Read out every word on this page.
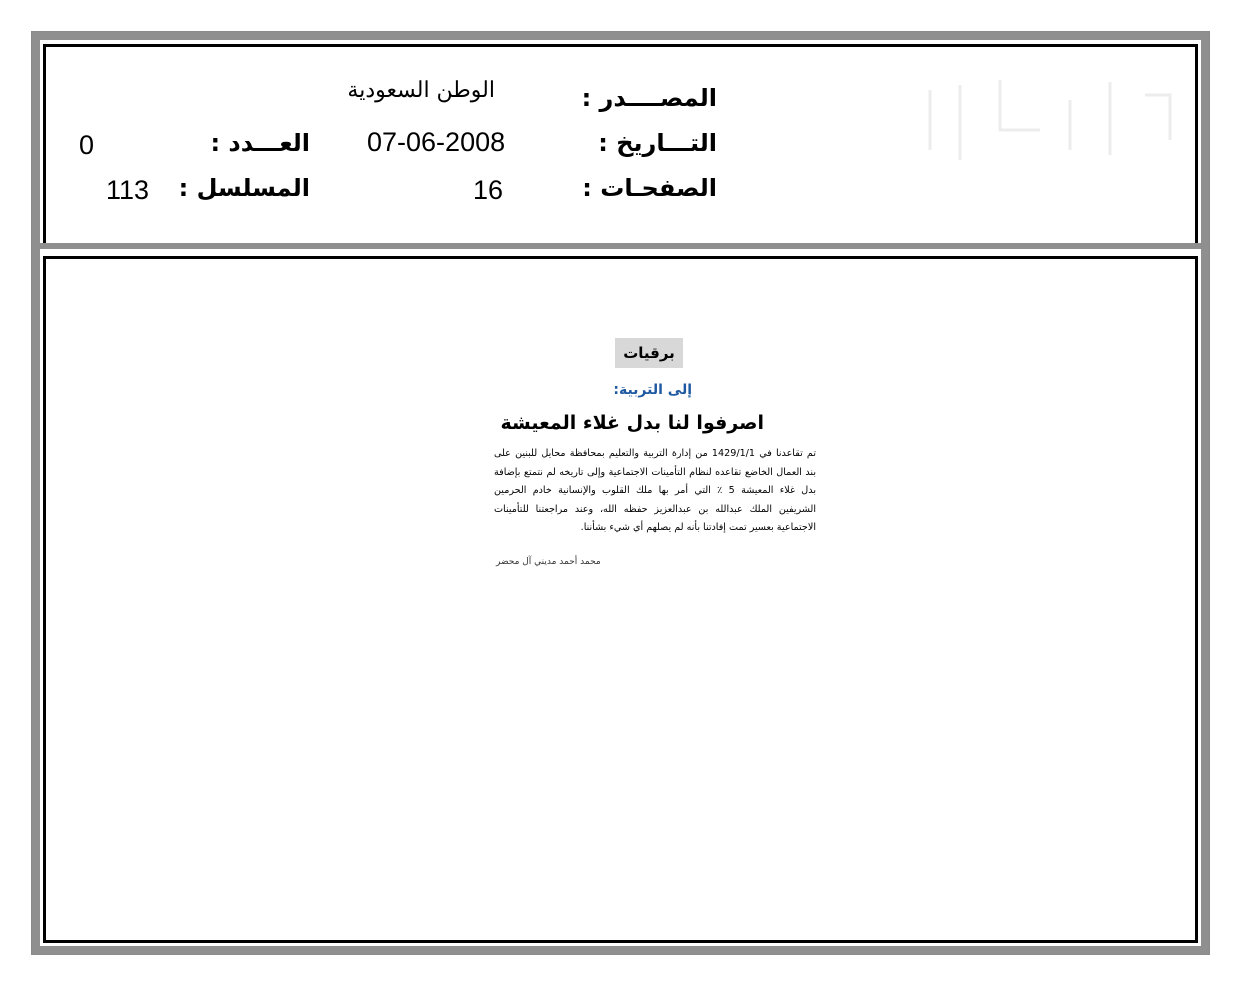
المصــــدر :
التـــاريخ :
الصفحـات :
الوطن السعودية
07-06-2008
16
العـــدد :
المسلسل :
0
113
برقيات
إلى التربية:
اصرفوا لنا بدل غلاء المعيشة

تم تقاعدنا في 1429/1/1 من إدارة التربية والتعليم بمحافظة محايل للبنين على بند العمال الخاضع تقاعده لنظام التأمينات الاجتماعية وإلى تاريخه لم نتمتع بإضافة بدل غلاء المعيشة 5 ٪ التي أمر بها ملك القلوب والإنسانية خادم الحرمين الشريفين الملك عبدالله بن عبدالعزيز حفظه الله، وعند مراجعتنا للتأمينات الاجتماعية بعسير تمت إفادتنا بأنه لم يصلهم أي شيء بشأننا.

محمد أحمد مديني آل محضر
